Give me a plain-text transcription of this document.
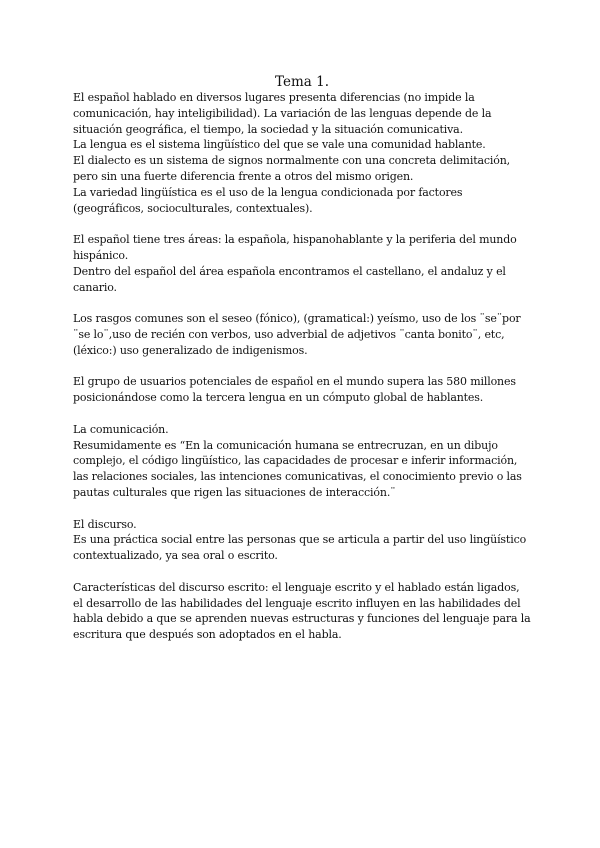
Tema 1.

El español hablado en diversos lugares presenta diferencias (no impide la comunicación, hay inteligibilidad). La variación de las lenguas depende de la situación geográfica, el tiempo, la sociedad y la situación comunicativa.

La lengua es el sistema lingüístico del que se vale una comunidad hablante.

El dialecto es un sistema de signos normalmente con una concreta delimitación, pero sin una fuerte diferencia frente a otros del mismo origen.

La variedad lingüística es el uso de la lengua condicionada por factores (geográficos, socioculturales, contextuales).

El español tiene tres áreas: la española, hispanohablante y la periferia del mundo hispánico.

Dentro del español del área española encontramos el castellano, el andaluz y el canario.

Los rasgos comunes son el seseo (fónico), (gramatical:) yeísmo, uso de los ¨se¨por ¨se lo¨,uso de recién con verbos, uso adverbial de adjetivos ¨canta bonito¨, etc, (léxico:) uso generalizado de indigenismos.

El grupo de usuarios potenciales de español en el mundo supera las 580 millones posicionándose como la tercera lengua en un cómputo global de hablantes.

La comunicación.

Resumidamente es “En la comunicación humana se entrecruzan, en un dibujo complejo, el código lingüístico, las capacidades de procesar e inferir información, las relaciones sociales, las intenciones comunicativas, el conocimiento previo o las pautas culturales que rigen las situaciones de interacción.¨

El discurso.

Es una práctica social entre las personas que se articula a partir del uso lingüístico contextualizado, ya sea oral o escrito.

Características del discurso escrito: el lenguaje escrito y el hablado están ligados, el desarrollo de las habilidades del lenguaje escrito influyen en las habilidades del habla debido a que se aprenden nuevas estructuras y funciones del lenguaje para la escritura que después son adoptados en el habla.
